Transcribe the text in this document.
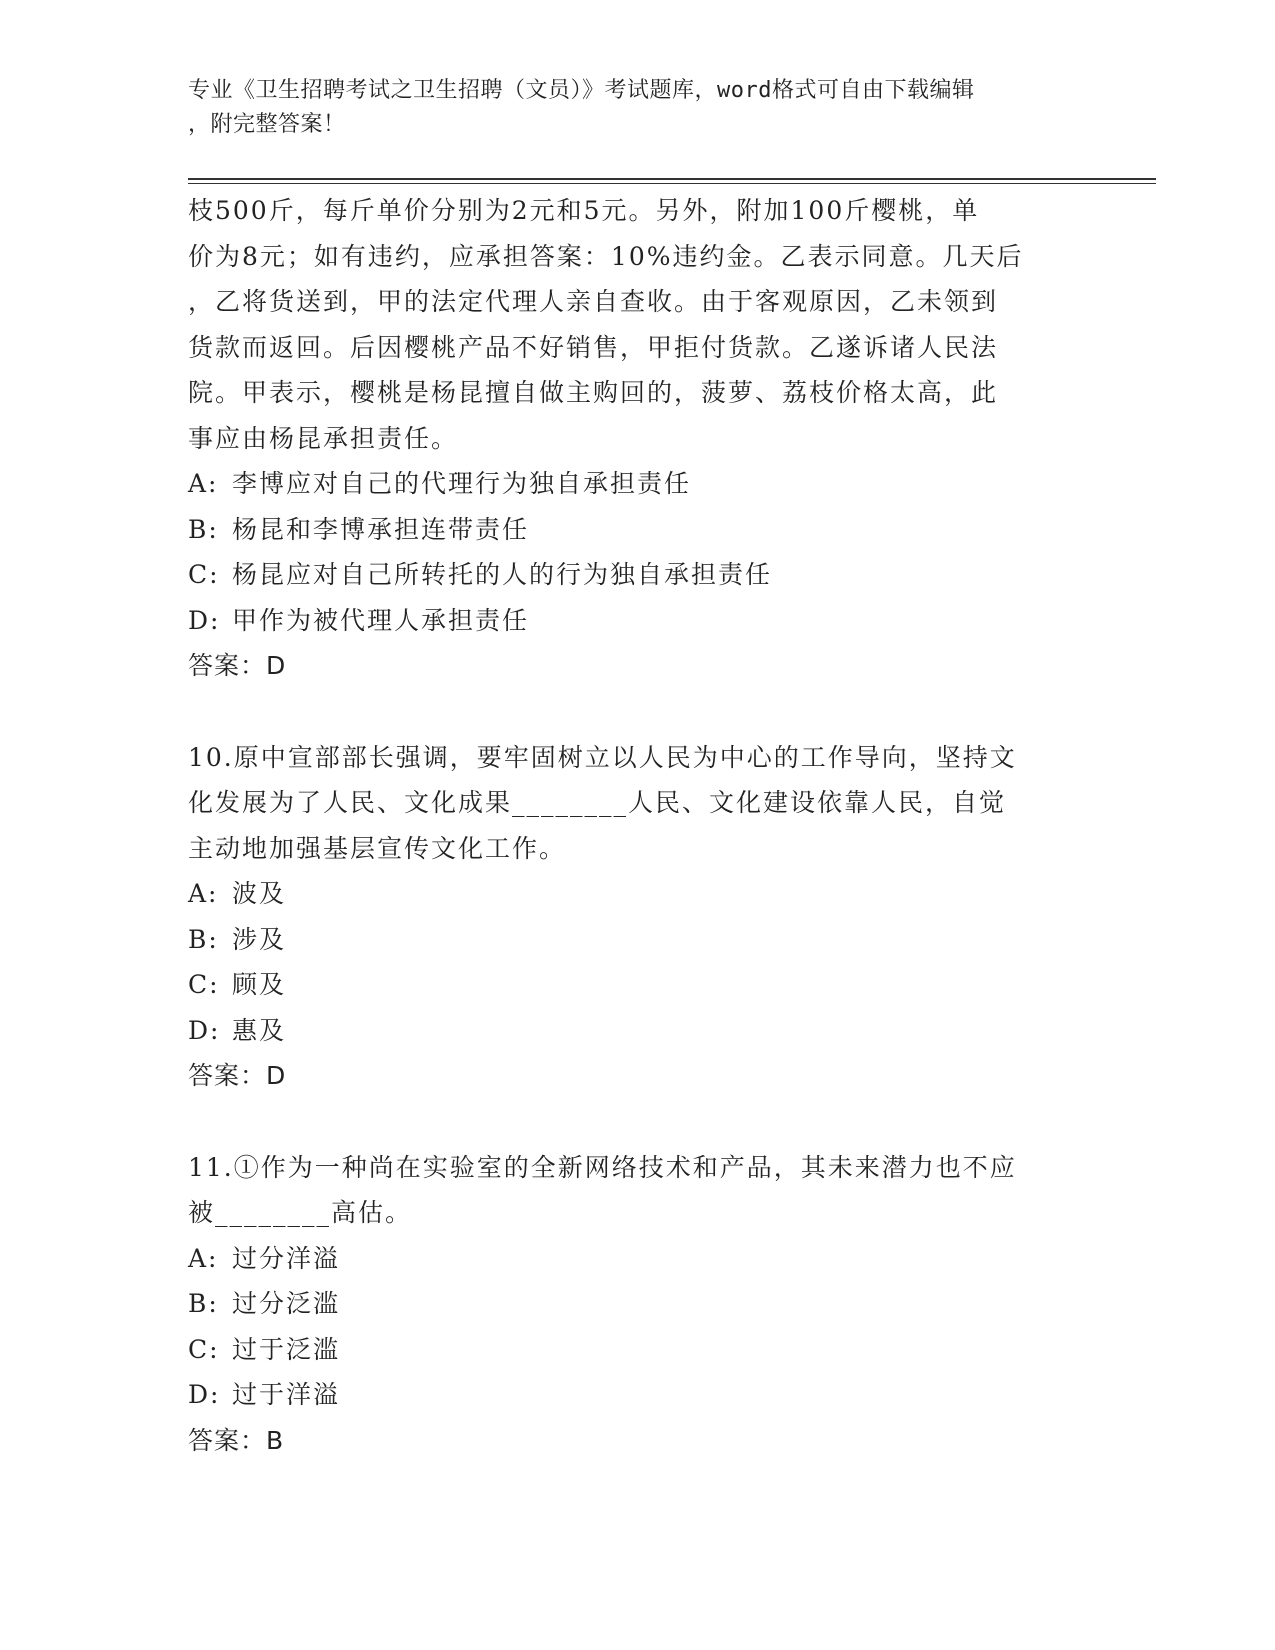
专业《卫生招聘考试之卫生招聘（文员）》考试题库，word格式可自由下载编辑
，附完整答案！

枝500斤，每斤单价分别为2元和5元。另外，附加100斤樱桃，单

价为8元；如有违约，应承担答案：10%违约金。乙表示同意。几天后

，乙将货送到，甲的法定代理人亲自查收。由于客观原因，乙未领到

货款而返回。后因樱桃产品不好销售，甲拒付货款。乙遂诉诸人民法

院。甲表示，樱桃是杨昆擅自做主购回的，菠萝、荔枝价格太高，此

事应由杨昆承担责任。

A: 李博应对自己的代理行为独自承担责任

B: 杨昆和李博承担连带责任

C: 杨昆应对自己所转托的人的行为独自承担责任

D: 甲作为被代理人承担责任

答案：D

10.原中宣部部长强调，要牢固树立以人民为中心的工作导向，坚持文

化发展为了人民、文化成果________人民、文化建设依靠人民，自觉

主动地加强基层宣传文化工作。

A: 波及

B: 涉及

C: 顾及

D: 惠及

答案：D

11.①作为一种尚在实验室的全新网络技术和产品，其未来潜力也不应

被________高估。

A: 过分洋溢

B: 过分泛滥

C: 过于泛滥

D: 过于洋溢

答案：B
